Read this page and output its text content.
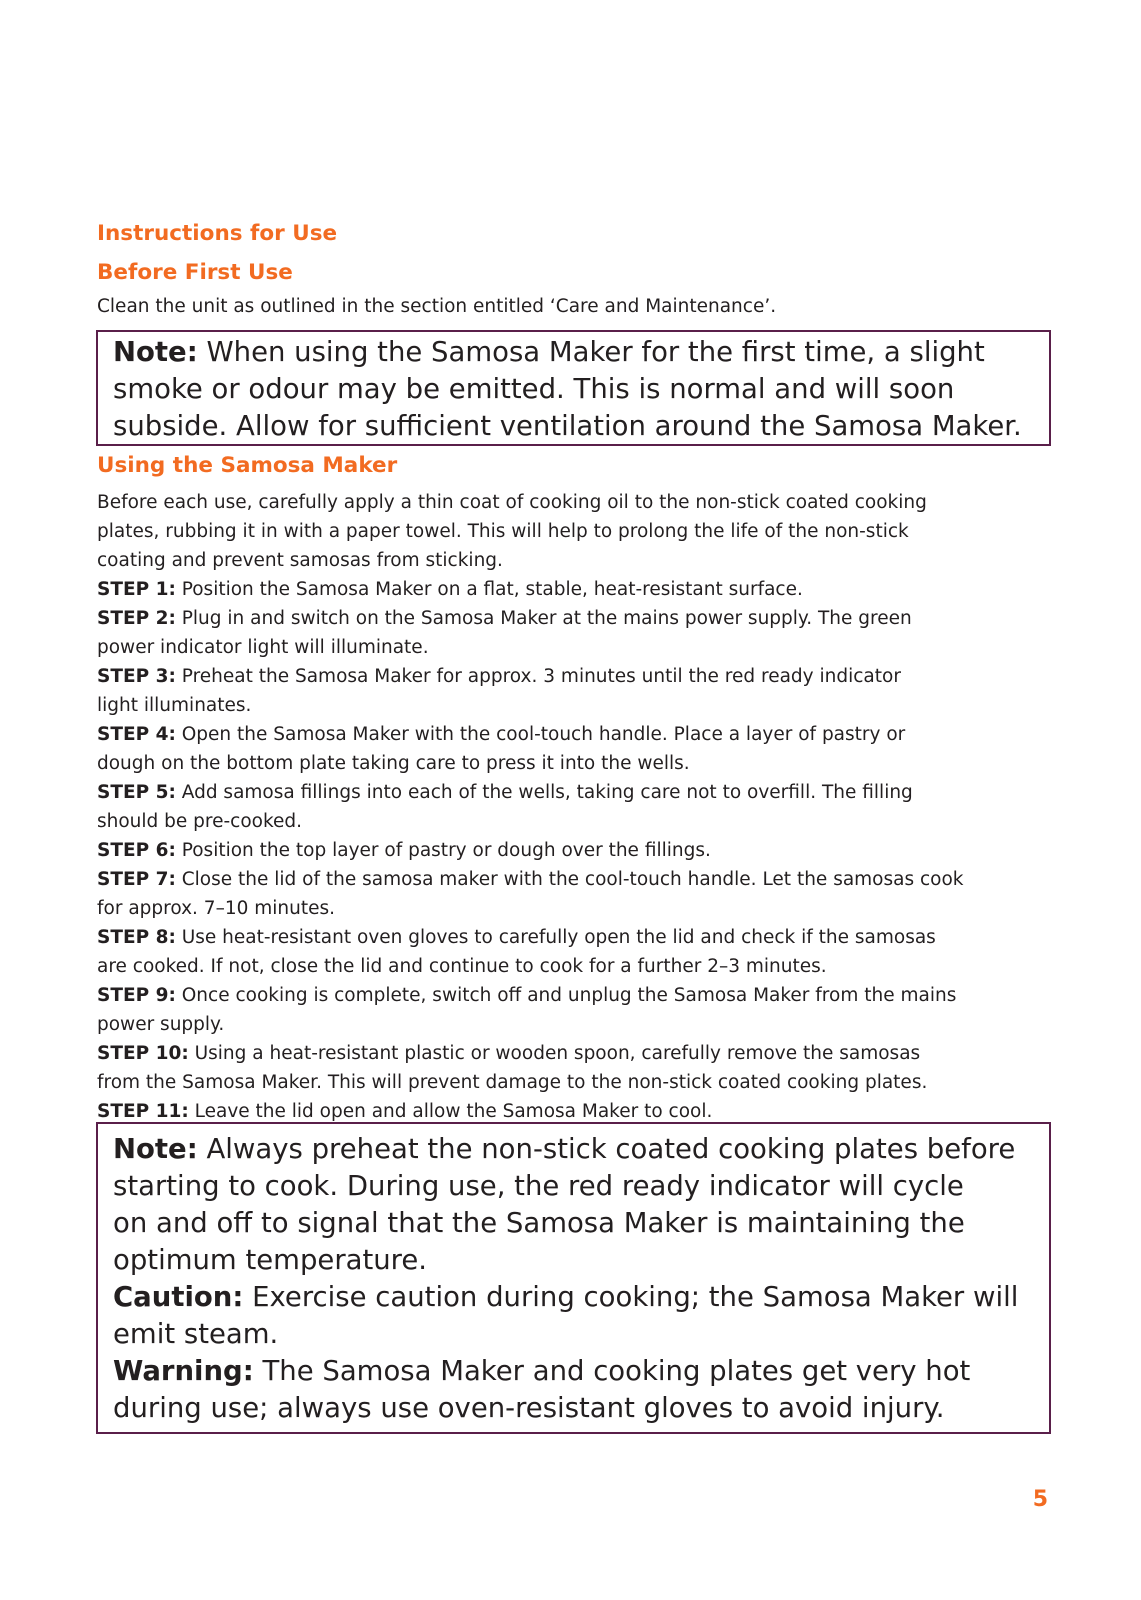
Instructions for Use
Before First Use

Clean the unit as outlined in the section entitled ‘Care and Maintenance’.

Note: When using the Samosa Maker for the first time, a slight
smoke or odour may be emitted. This is normal and will soon
subside. Allow for sufficient ventilation around the Samosa Maker.
Using the Samosa Maker
Before each use, carefully apply a thin coat of cooking oil to the non-stick coated cooking
plates, rubbing it in with a paper towel. This will help to prolong the life of the non-stick
coating and prevent samosas from sticking.
STEP 1: Position the Samosa Maker on a flat, stable, heat-resistant surface.
STEP 2: Plug in and switch on the Samosa Maker at the mains power supply. The green
power indicator light will illuminate.
STEP 3: Preheat the Samosa Maker for approx. 3 minutes until the red ready indicator
light illuminates.
STEP 4: Open the Samosa Maker with the cool-touch handle. Place a layer of pastry or
dough on the bottom plate taking care to press it into the wells.
STEP 5: Add samosa fillings into each of the wells, taking care not to overfill. The filling
should be pre-cooked.
STEP 6: Position the top layer of pastry or dough over the fillings.
STEP 7: Close the lid of the samosa maker with the cool-touch handle. Let the samosas cook
for approx. 7–10 minutes.
STEP 8: Use heat-resistant oven gloves to carefully open the lid and check if the samosas
are cooked. If not, close the lid and continue to cook for a further 2–3 minutes.
STEP 9: Once cooking is complete, switch off and unplug the Samosa Maker from the mains
power supply.
STEP 10: Using a heat-resistant plastic or wooden spoon, carefully remove the samosas
from the Samosa Maker. This will prevent damage to the non-stick coated cooking plates.
STEP 11: Leave the lid open and allow the Samosa Maker to cool.
Note: Always preheat the non-stick coated cooking plates before
starting to cook. During use, the red ready indicator will cycle
on and off to signal that the Samosa Maker is maintaining the
optimum temperature.
Caution: Exercise caution during cooking; the Samosa Maker will
emit steam.
Warning: The Samosa Maker and cooking plates get very hot
during use; always use oven-resistant gloves to avoid injury.
5
